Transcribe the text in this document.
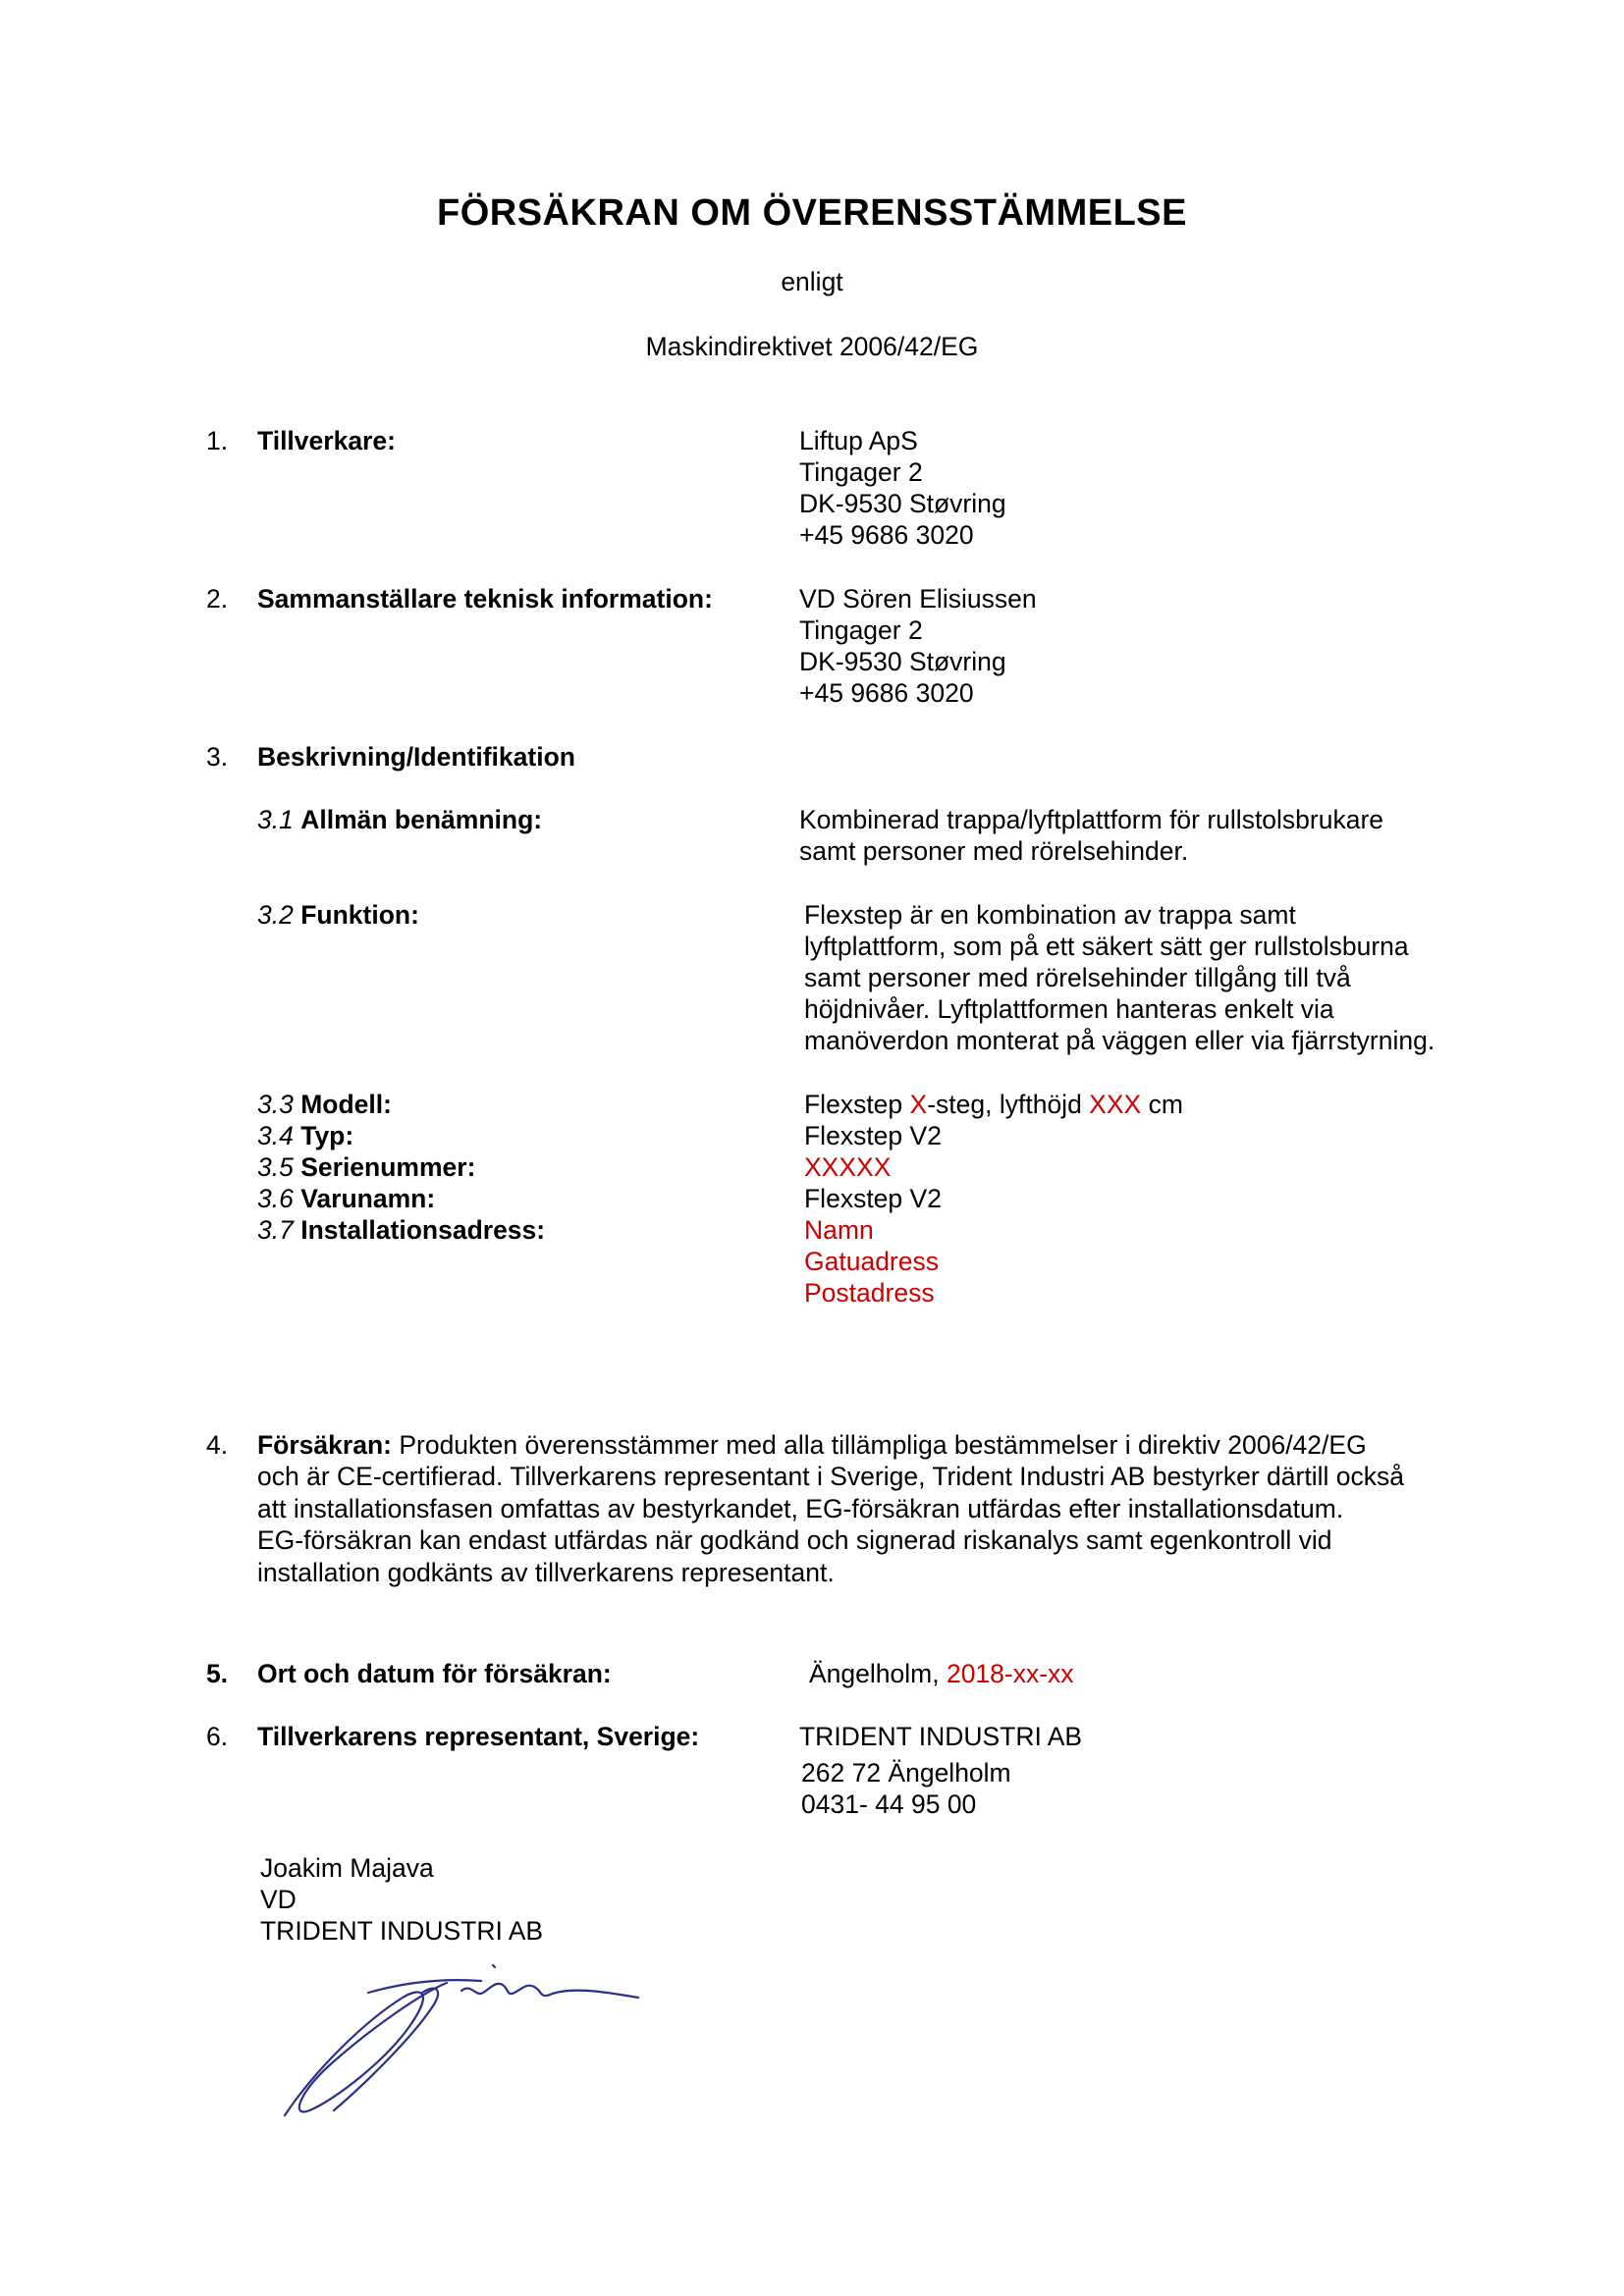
FÖRSÄKRAN OM ÖVERENSSTÄMMELSE
enligt
Maskindirektivet 2006/42/EG
1. Tillverkare:	Liftup ApS
Tingager 2
DK-9530 Støvring
+45 9686 3020
2. Sammanställare teknisk information:	VD Sören Elisiussen
Tingager 2
DK-9530 Støvring
+45 9686 3020
3. Beskrivning/Identifikation
3.1 Allmän benämning:	Kombinerad trappa/lyftplattform för rullstolsbrukare
samt personer med rörelsehinder.
3.2 Funktion:	Flexstep är en kombination av trappa samt
lyftplattform, som på ett säkert sätt ger rullstolsburna
samt personer med rörelsehinder tillgång till två
höjdnivåer. Lyftplattformen hanteras enkelt via
manöverdon monterat på väggen eller via fjärrstyrning.
3.3 Modell:	Flexstep X-steg, lyfthöjd XXX cm
3.4 Typ:	Flexstep V2
3.5 Serienummer:	XXXXX
3.6 Varunamn:	Flexstep V2
3.7 Installationsadress:	Namn
Gatuadress
Postadress
4. Försäkran: Produkten överensstämmer med alla tillämpliga bestämmelser i direktiv 2006/42/EG
och är CE-certifierad. Tillverkarens representant i Sverige, Trident Industri AB bestyrker därtill också
att installationsfasen omfattas av bestyrkandet, EG-försäkran utfärdas efter installationsdatum.
EG-försäkran kan endast utfärdas när godkänd och signerad riskanalys samt egenkontroll vid
installation godkänts av tillverkarens representant.
5. Ort och datum för försäkran:	Ängelholm, 2018-xx-xx
6. Tillverkarens representant, Sverige:	TRIDENT INDUSTRI AB
262 72 Ängelholm
0431- 44 95 00
Joakim Majava
VD
TRIDENT INDUSTRI AB
